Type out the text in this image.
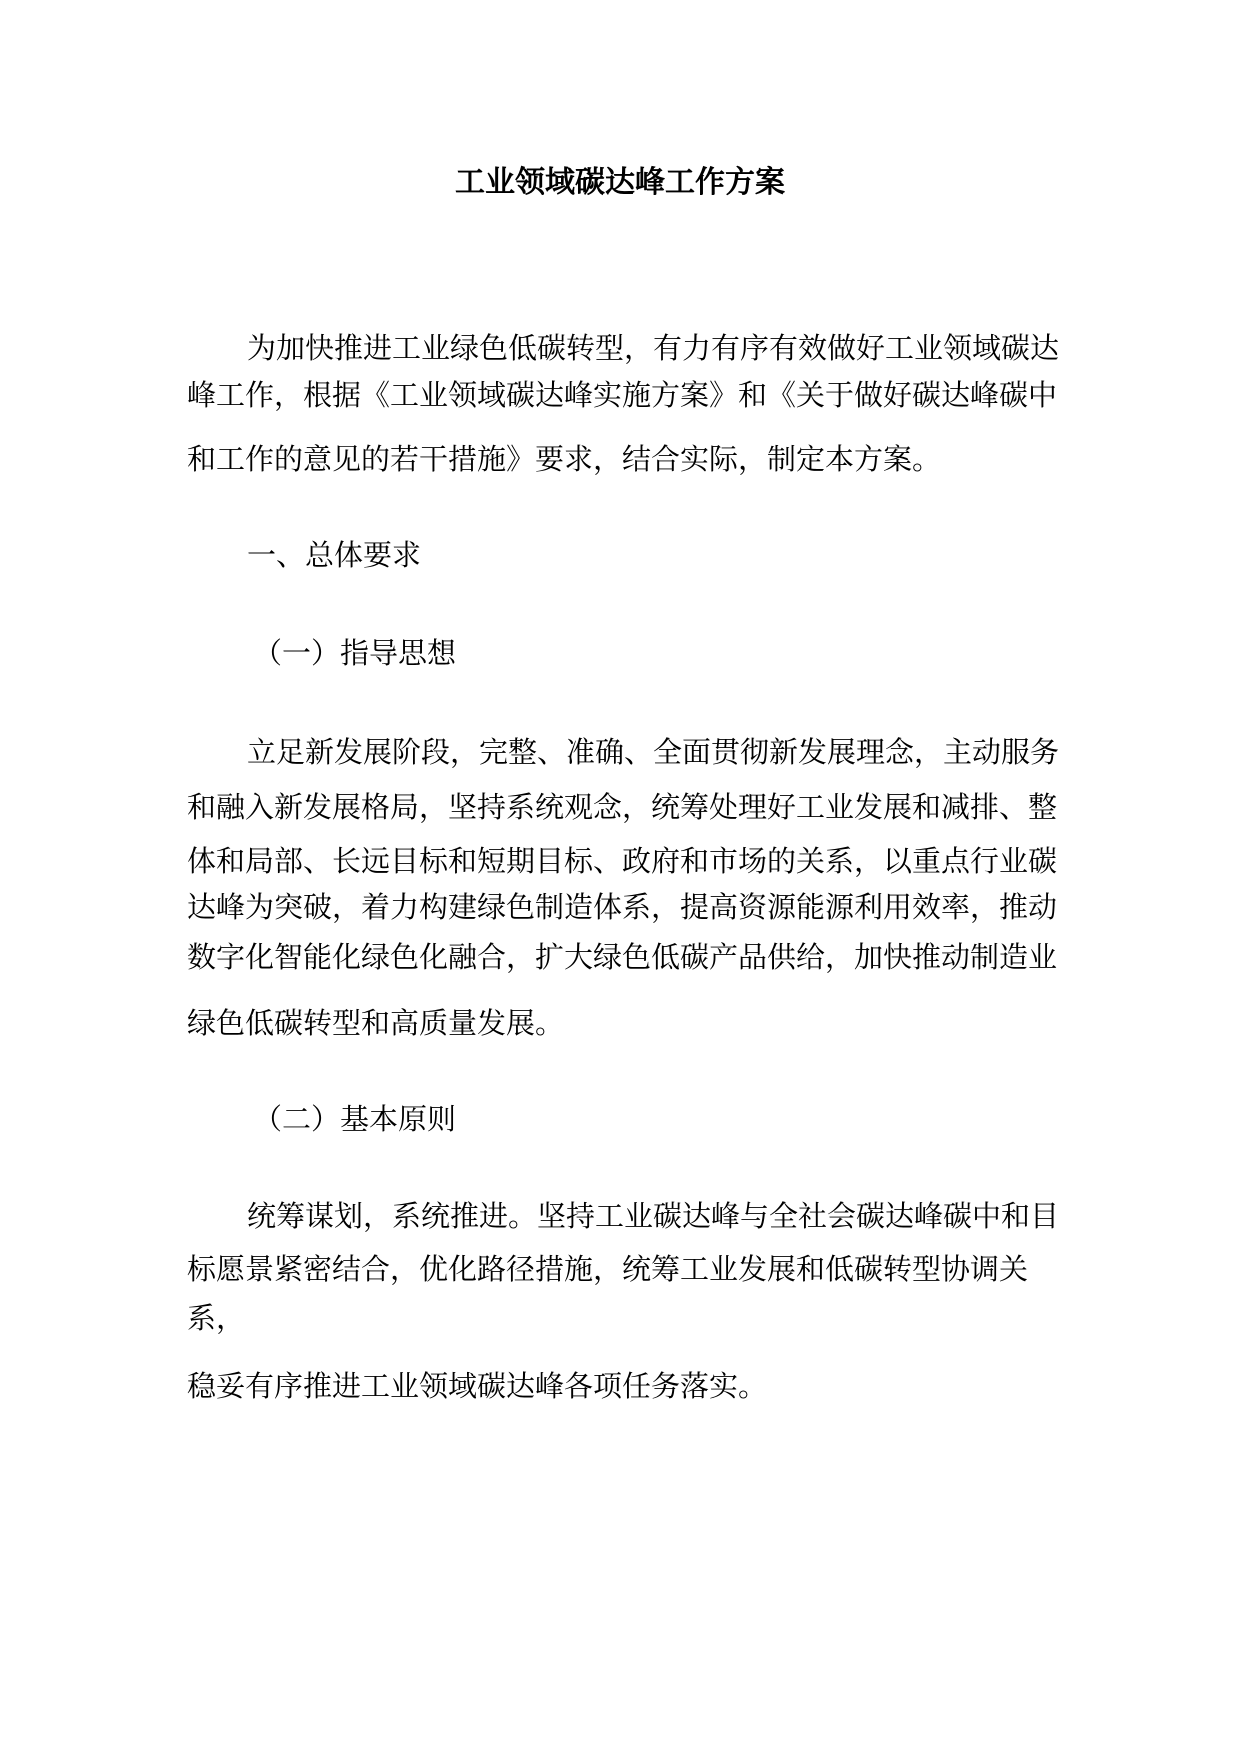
工业领域碳达峰工作方案

为加快推进工业绿色低碳转型，有力有序有效做好工业领域碳达

峰工作，根据《工业领域碳达峰实施方案》和《关于做好碳达峰碳中

和工作的意见的若干措施》要求，结合实际，制定本方案。

一、总体要求

（一）指导思想

立足新发展阶段，完整、准确、全面贯彻新发展理念，主动服务

和融入新发展格局，坚持系统观念，统筹处理好工业发展和减排、整

体和局部、长远目标和短期目标、政府和市场的关系，以重点行业碳

达峰为突破，着力构建绿色制造体系，提高资源能源利用效率，推动

数字化智能化绿色化融合，扩大绿色低碳产品供给，加快推动制造业

绿色低碳转型和高质量发展。

（二）基本原则

统筹谋划，系统推进。坚持工业碳达峰与全社会碳达峰碳中和目

标愿景紧密结合，优化路径措施，统筹工业发展和低碳转型协调关

系，

稳妥有序推进工业领域碳达峰各项任务落实。
